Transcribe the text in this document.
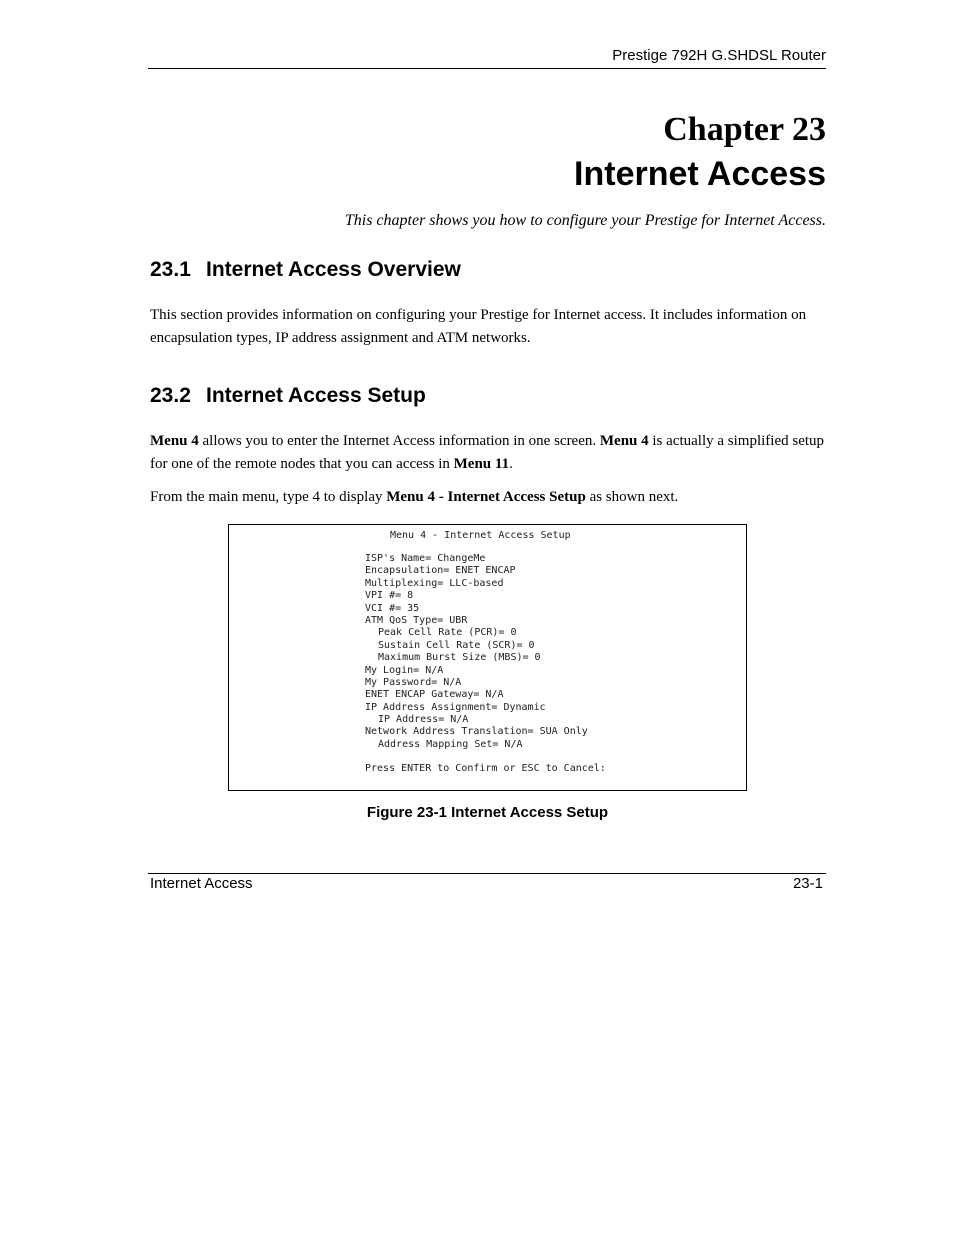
Prestige 792H G.SHDSL Router
Chapter 23
Internet Access
This chapter shows you how to configure your Prestige for Internet Access.
23.1 Internet Access Overview
This section provides information on configuring your Prestige for Internet access. It includes information on encapsulation types, IP address assignment and ATM networks.
23.2 Internet Access Setup
Menu 4 allows you to enter the Internet Access information in one screen. Menu 4 is actually a simplified setup for one of the remote nodes that you can access in Menu 11.
From the main menu, type 4 to display Menu 4 - Internet Access Setup as shown next.
Menu 4 - Internet Access Setup
ISP's Name= ChangeMe
Encapsulation= ENET ENCAP
Multiplexing= LLC-based
VPI #= 8
VCI #= 35
ATM QoS Type= UBR
Peak Cell Rate (PCR)= 0
Sustain Cell Rate (SCR)= 0
Maximum Burst Size (MBS)= 0
My Login= N/A
My Password= N/A
ENET ENCAP Gateway= N/A
IP Address Assignment= Dynamic
IP Address= N/A
Network Address Translation= SUA Only
Address Mapping Set= N/A
Press ENTER to Confirm or ESC to Cancel:
Figure 23-1 Internet Access Setup
Internet Access	23-1
